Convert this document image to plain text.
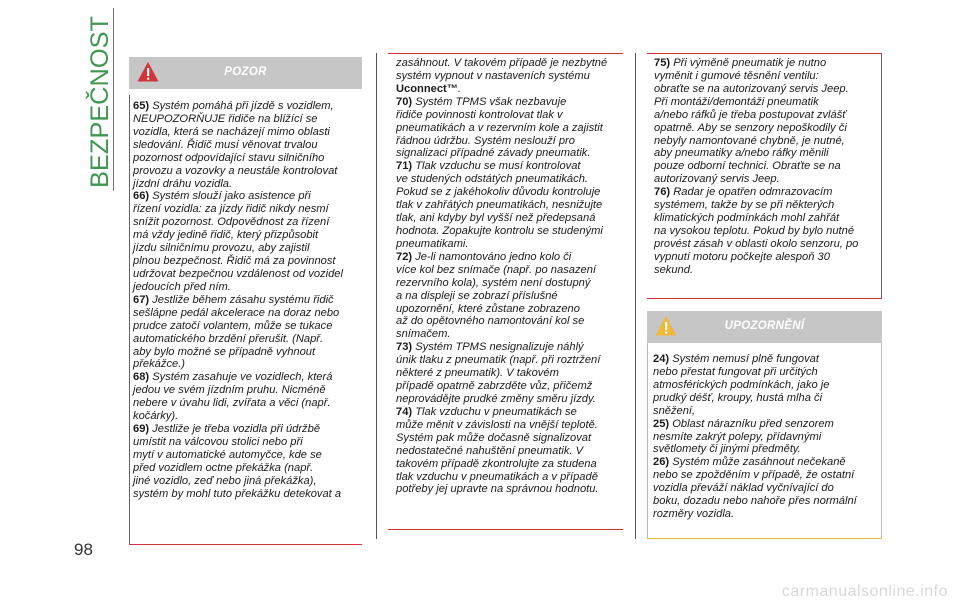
BEZPEČNOST
98
POZOR

65) Systém pomáhá při jízdě s vozidlem,
NEUPOZORŇUJE řidiče na blížící se
vozidla, která se nacházejí mimo oblasti
sledování. Řidič musí věnovat trvalou
pozornost odpovídající stavu silničního
provozu a vozovky a neustále kontrolovat
jízdní dráhu vozidla.

66) Systém slouží jako asistence při
řízení vozidla: za jízdy řidič nikdy nesmí
snížit pozornost. Odpovědnost za řízení
má vždy jedině řidič, který přizpůsobit
jízdu silničnímu provozu, aby zajistil
plnou bezpečnost. Řidič má za povinnost
udržovat bezpečnou vzdálenost od vozidel
jedoucích před ním.

67) Jestliže během zásahu systému řidič
sešlápne pedál akcelerace na doraz nebo
prudce zatočí volantem, může se tukace
automatického brzdění přerušit. (Např.
aby bylo možné se případně vyhnout
překážce.)

68) Systém zasahuje ve vozidlech, která
jedou ve svém jízdním pruhu. Nicméně
nebere v úvahu lidi, zvířata a věci (např.
kočárky).

69) Jestliže je třeba vozidla při údržbě
umístit na válcovou stolici nebo při
mytí v automatické automyčce, kde se
před vozidlem octne překážka (např.
jiné vozidlo, zeď nebo jiná překážka),
systém by mohl tuto překážku detekovat a

zasáhnout. V takovém případě je nezbytné
systém vypnout v nastaveních systému
Uconnect™.

70) Systém TPMS však nezbavuje
řidiče povinnosti kontrolovat tlak v
pneumatikách a v rezervním kole a zajistit
řádnou údržbu. Systém neslouží pro
signalizaci případné závady pneumatik.

71) Tlak vzduchu se musí kontrolovat
ve studených odstátých pneumatikách.
Pokud se z jakéhokoliv důvodu kontroluje
tlak v zahřátých pneumatikách, nesnižujte
tlak, ani kdyby byl vyšší než předepsaná
hodnota. Zopakujte kontrolu se studenými
pneumatikami.

72) Je-li namontováno jedno kolo či
více kol bez snímače (např. po nasazení
rezervního kola), systém není dostupný
a na displeji se zobrazí příslušné
upozornění, které zůstane zobrazeno
až do opětovného namontování kol se
snímačem.

73) Systém TPMS nesignalizuje náhlý
únik tlaku z pneumatik (např. při roztržení
některé z pneumatik). V takovém
případě opatrně zabrzděte vůz, přičemž
neprovádějte prudké změny směru jízdy.

74) Tlak vzduchu v pneumatikách se
může měnit v závislosti na vnější teplotě.
Systém pak může dočasně signalizovat
nedostatečné nahuštění pneumatik. V
takovém případě zkontrolujte za studena
tlak vzduchu v pneumatikách a v případě
potřeby jej upravte na správnou hodnotu.

75) Při výměně pneumatik je nutno
vyměnit i gumové těsnění ventilu:
obraťte se na autorizovaný servis Jeep.
Při montáži/demontáži pneumatik
a/nebo ráfků je třeba postupovat zvlášť
opatrně. Aby se senzory nepoškodily či
nebyly namontované chybně, je nutné,
aby pneumatiky a/nebo ráfky měnili
pouze odborní technici. Obraťte se na
autorizovaný servis Jeep.

76) Radar je opatřen odmrazovacím
systémem, takže by se při některých
klimatických podmínkách mohl zahřát
na vysokou teplotu. Pokud by bylo nutné
provést zásah v oblasti okolo senzoru, po
vypnutí motoru počkejte alespoň 30
sekund.

UPOZORNĚNÍ

24) Systém nemusí plně fungovat
nebo přestat fungovat při určitých
atmosférických podmínkách, jako je
prudký déšť, kroupy, hustá mlha či
sněžení,

25) Oblast nárazníku před senzorem
nesmíte zakrýt polepy, přídavnými
světlomety či jinými předměty.

26) Systém může zasáhnout nečekaně
nebo se zpožděním v případě, že ostatní
vozidla převáží náklad vyčnívající do
boku, dozadu nebo nahoře přes normální
rozměry vozidla.

carmanualsonline.info
